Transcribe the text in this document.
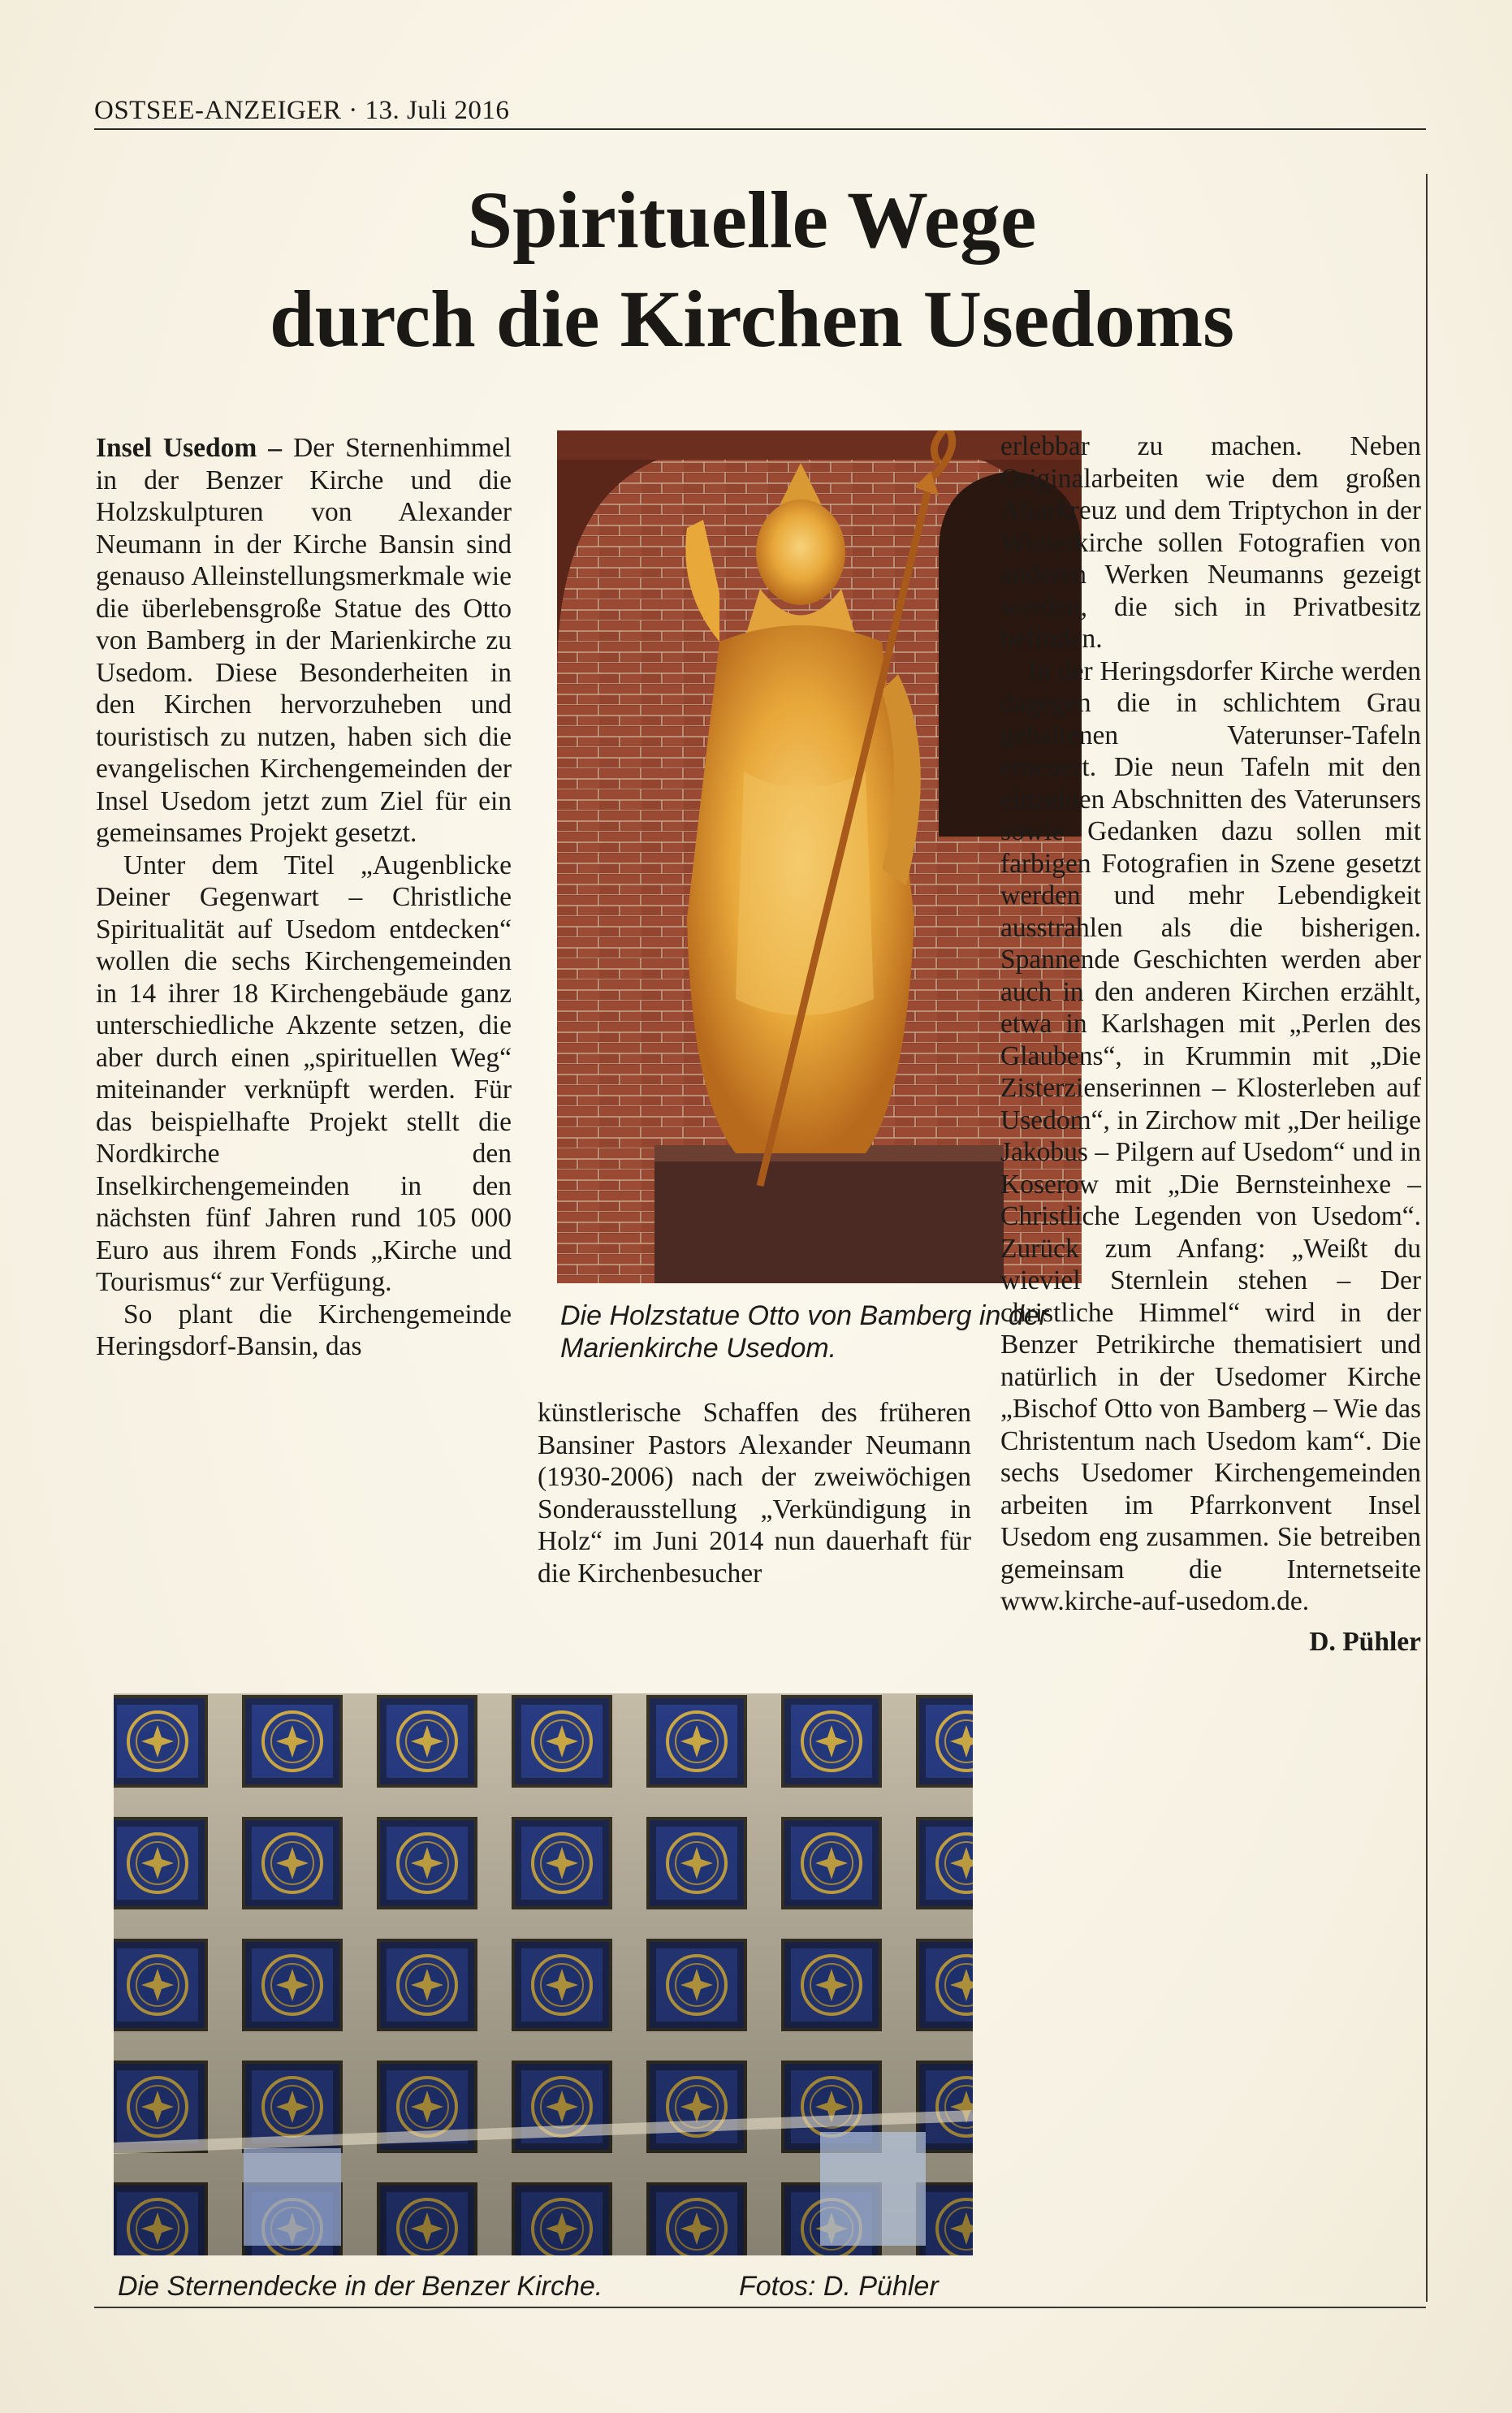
OSTSEE-ANZEIGER · 13. Juli 2016
Spirituelle Wege
durch die Kirchen Usedoms

Insel Usedom – Der Sternenhimmel in der Benzer Kirche und die Holzskulpturen von Alexander Neumann in der Kirche Bansin sind genauso Alleinstellungsmerkmale wie die überlebensgroße Statue des Otto von Bamberg in der Marienkirche zu Usedom. Diese Besonderheiten in den Kirchen hervorzuheben und touristisch zu nutzen, haben sich die evangelischen Kirchengemeinden der Insel Usedom jetzt zum Ziel für ein gemeinsames Projekt gesetzt.

Unter dem Titel „Augenblicke Deiner Gegenwart – Christliche Spiritualität auf Usedom entdecken“ wollen die sechs Kirchengemeinden in 14 ihrer 18 Kirchengebäude ganz unterschiedliche Akzente setzen, die aber durch einen „spirituellen Weg“ miteinander verknüpft werden. Für das beispielhafte Projekt stellt die Nordkirche den Inselkirchengemeinden in den nächsten fünf Jahren rund 105 000 Euro aus ihrem Fonds „Kirche und Tourismus“ zur Verfügung.

So plant die Kirchengemeinde Heringsdorf-Bansin, das

Die Holzstatue Otto von Bamberg in der Marienkirche Usedom.

künstlerische Schaffen des früheren Bansiner Pastors Alexander Neumann (1930-2006) nach der zweiwöchigen Sonderausstellung „Verkündigung in Holz“ im Juni 2014 nun dauerhaft für die Kirchenbesucher

erlebbar zu machen. Neben Originalarbeiten wie dem großen Altarkreuz und dem Triptychon in der Winterkirche sollen Fotografien von anderen Werken Neumanns gezeigt werden, die sich in Privatbesitz befinden.

In der Heringsdorfer Kirche werden dagegen die in schlichtem Grau gehaltenen Vaterunser-Tafeln erneuert. Die neun Tafeln mit den einzelnen Abschnitten des Vaterunsers sowie Gedanken dazu sollen mit farbigen Fotografien in Szene gesetzt werden und mehr Lebendigkeit ausstrahlen als die bisherigen. Spannende Geschichten werden aber auch in den anderen Kirchen erzählt, etwa in Karlshagen mit „Perlen des Glaubens“, in Krummin mit „Die Zisterzienserinnen – Klosterleben auf Usedom“, in Zirchow mit „Der heilige Jakobus – Pilgern auf Usedom“ und in Koserow mit „Die Bernsteinhexe – Christliche Legenden von Usedom“. Zurück zum Anfang: „Weißt du wieviel Sternlein stehen – Der christliche Himmel“ wird in der Benzer Petrikirche thematisiert und natürlich in der Usedomer Kirche „Bischof Otto von Bamberg – Wie das Christentum nach Usedom kam“. Die sechs Usedomer Kirchengemeinden arbeiten im Pfarrkonvent Insel Usedom eng zusammen. Sie betreiben gemeinsam die Internetseite www.kirche-auf-usedom.de.

D. Pühler
Die Sternendecke in der Benzer Kirche.	Fotos: D. Pühler
